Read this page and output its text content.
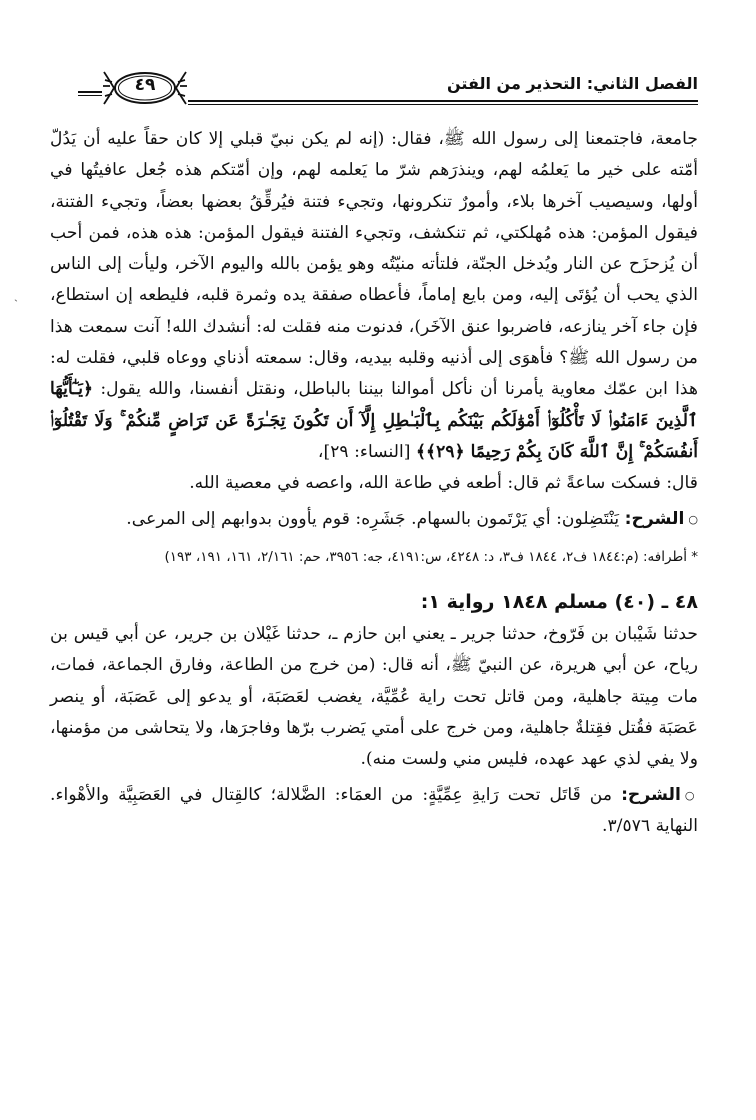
الفصل الثاني: التحذير من الفتن
٤٩

جامعة، فاجتمعنا إلى رسول الله ﷺ، فقال: (إنه لم يكن نبيّ قبلي إلا كان حقاً عليه أن يَدُلّ أمّته على خير ما يَعلمُه لهم، وينذرَهم شرّ ما يَعلمه لهم، وإن أمّتكم هذه جُعل عافيتُها في أولها، وسيصيب آخرها بلاء، وأمورٌ تنكرونها، وتجيء فتنة فيُرقِّقُ بعضها بعضاً، وتجيء الفتنة، فيقول المؤمن: هذه مُهلكتي، ثم تنكشف، وتجيء الفتنة فيقول المؤمن: هذه هذه، فمن أحب أن يُزحزَح عن النار ويُدخل الجنّة، فلتأته منيّتُه وهو يؤمن بالله واليوم الآخر، وليأت إلى الناس الذي يحب أن يُؤتَى إليه، ومن بايع إماماً، فأعطاه صفقة يده وثمرة قلبه، فليطعه إن استطاع، فإن جاء آخر ينازعه، فاضربوا عنق الآخَر)، فدنوت منه فقلت له: أنشدك الله! آنت سمعت هذا من رسول الله ﷺ؟ فأهوَى إلى أذنيه وقلبه بيديه، وقال: سمعته أذناي ووعاه قلبي، فقلت له: هذا ابن عمّك معاوية يأمرنا أن نأكل أموالنا بيننا بالباطل، ونقتل أنفسنا، والله يقول: ﴿يَـٰٓأَيُّهَا ٱلَّذِينَ ءَامَنُوا۟ لَا تَأْكُلُوٓا۟ أَمْوَٰلَكُم بَيْنَكُم بِٱلْبَـٰطِلِ إِلَّآ أَن تَكُونَ تِجَـٰرَةً عَن تَرَاضٍ مِّنكُمْ ۚ وَلَا تَقْتُلُوٓا۟ أَنفُسَكُمْ ۚ إِنَّ ٱللَّهَ كَانَ بِكُمْ رَحِيمًا ﴿٢٩﴾﴾ [النساء: ٢٩]،

قال: فسكت ساعةً ثم قال: أطعه في طاعة الله، واعصه في معصية الله.

○الشرح: يَنْتَضِلون: أي يَرْتَمون بالسهام. جَشَرِه: قوم يأوون بدوابهم إلى المرعى.

* أطرافه: (م:١٨٤٤ ف٢، ١٨٤٤ ف٣، د: ٤٢٤٨، س:٤١٩١، جه: ٣٩٥٦، حم: ٢/١٦١، ١٦١، ١٩١، ١٩٣)

٤٨ ـ (٤٠) مسلم ١٨٤٨ رواية ١:

حدثنا شَيْبان بن فَرّوخ، حدثنا جرير ـ يعني ابن حازم ـ، حدثنا غَيْلان بن جرير، عن أبي قيس بن رياح، عن أبي هريرة، عن النبيّ ﷺ، أنه قال: (من خرج من الطاعة، وفارق الجماعة، فمات، مات مِيتة جاهلية، ومن قاتل تحت راية عُمِّيَّة، يغضب لعَصَبَة، أو يدعو إلى عَصَبَة، أو ينصر عَصَبَة فقُتل فقِتلةٌ جاهلية، ومن خرج على أمتي يَضرب برّها وفاجرَها، ولا يتحاشى من مؤمنها، ولا يفي لذي عهد عهده، فليس مني ولست منه).

○الشرح: من قَاتَل تحت رَايةِ عِمِّيَّةٍ: من العمَاء: الضَّلالة؛ كالقِتال في العَصَبِيَّة والأهْواء. النهاية ٣/٥٧٦.

ˏ
